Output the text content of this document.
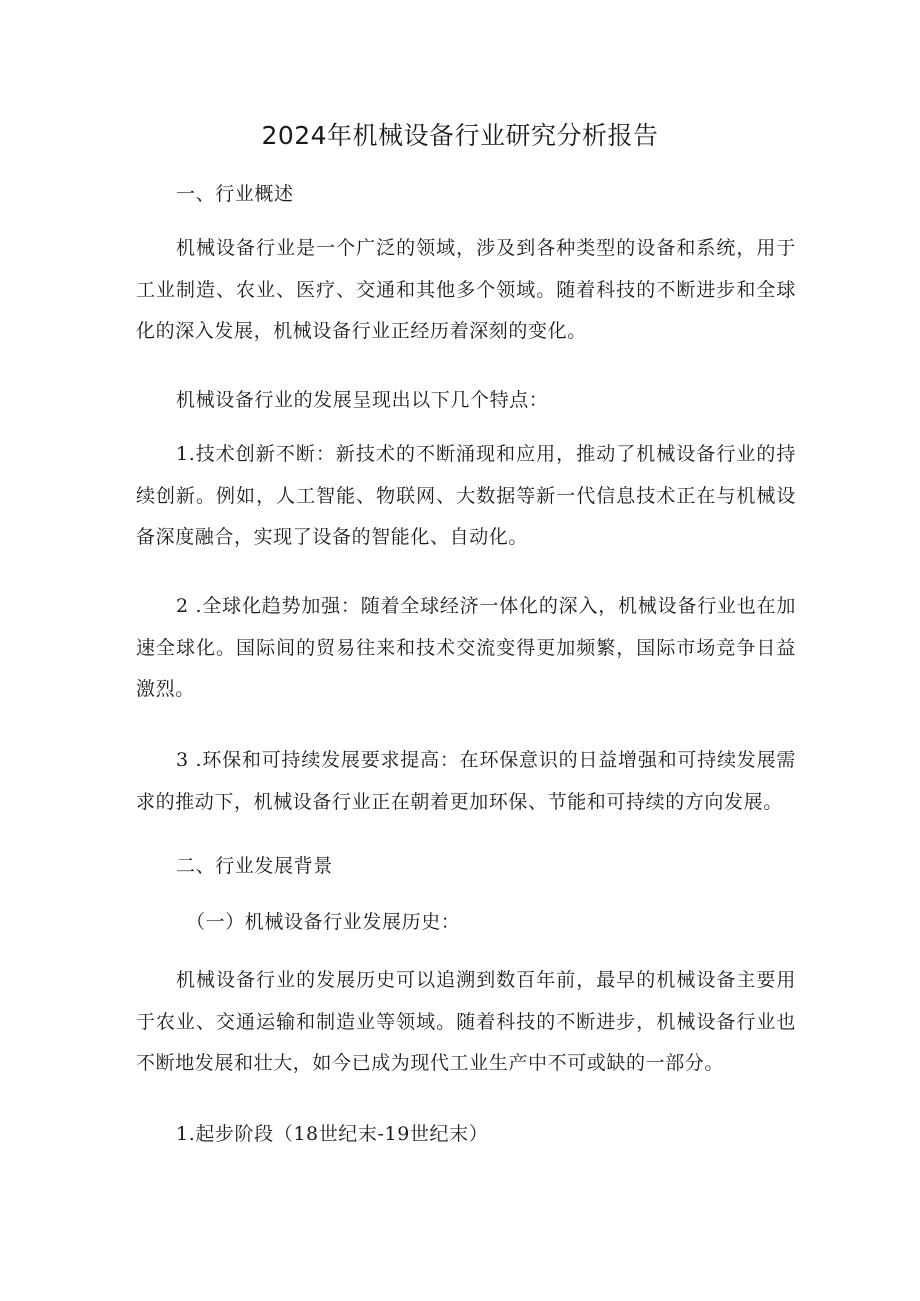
2024年机械设备行业研究分析报告

一、行业概述

机械设备行业是一个广泛的领域，涉及到各种类型的设备和系统，用于工业制造、农业、医疗、交通和其他多个领域。随着科技的不断进步和全球化的深入发展，机械设备行业正经历着深刻的变化。

机械设备行业的发展呈现出以下几个特点：

1.技术创新不断：新技术的不断涌现和应用，推动了机械设备行业的持续创新。例如，人工智能、物联网、大数据等新一代信息技术正在与机械设备深度融合，实现了设备的智能化、自动化。

2 .全球化趋势加强：随着全球经济一体化的深入，机械设备行业也在加速全球化。国际间的贸易往来和技术交流变得更加频繁，国际市场竞争日益激烈。

3 .环保和可持续发展要求提高：在环保意识的日益增强和可持续发展需求的推动下，机械设备行业正在朝着更加环保、节能和可持续的方向发展。

二、行业发展背景

（一）机械设备行业发展历史：

机械设备行业的发展历史可以追溯到数百年前，最早的机械设备主要用于农业、交通运输和制造业等领域。随着科技的不断进步，机械设备行业也不断地发展和壮大，如今已成为现代工业生产中不可或缺的一部分。

1.起步阶段（18世纪末-19世纪末）
